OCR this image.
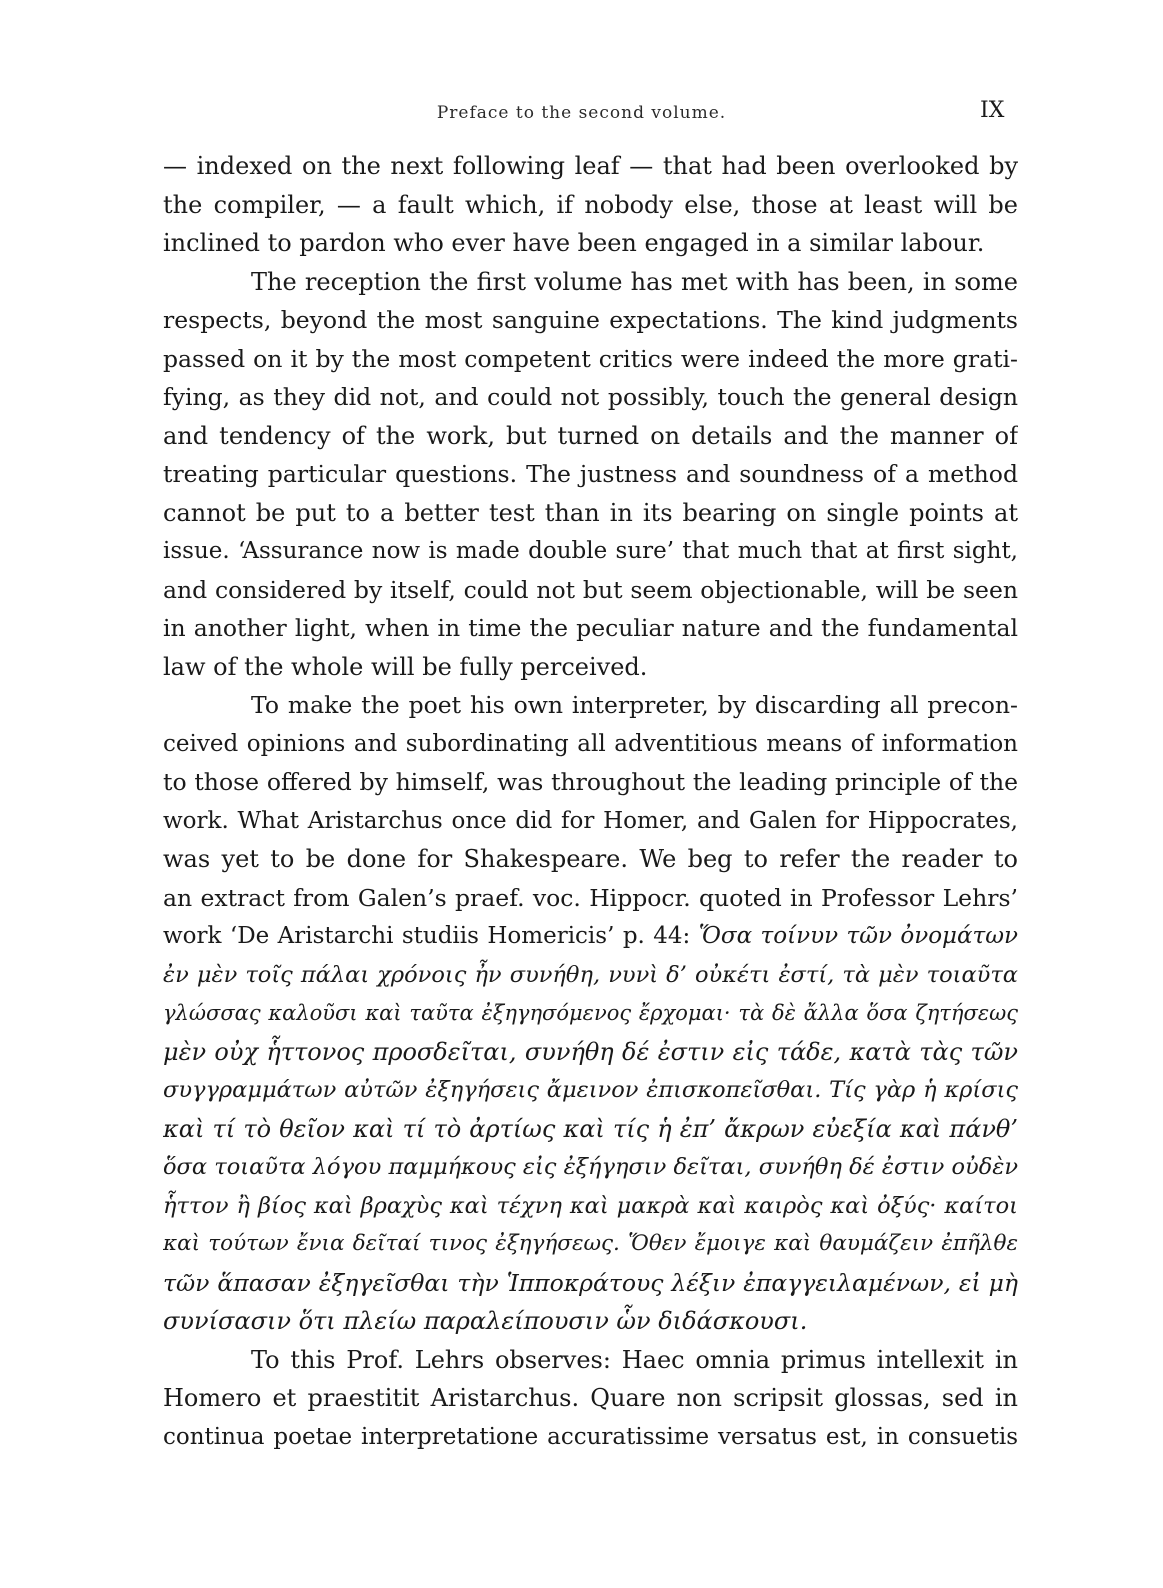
Preface to the second volume.	IX
— indexed on the next following leaf — that had been overlooked by
the compiler, — a fault which, if nobody else, those at least will be
inclined to pardon who ever have been engaged in a similar labour.
The reception the first volume has met with has been, in some
respects, beyond the most sanguine expectations. The kind judgments
passed on it by the most competent critics were indeed the more grati-
fying, as they did not, and could not possibly, touch the general design
and tendency of the work, but turned on details and the manner of
treating particular questions. The justness and soundness of a method
cannot be put to a better test than in its bearing on single points at
issue. ‘Assurance now is made double sure’ that much that at first sight,
and considered by itself, could not but seem objectionable, will be seen
in another light, when in time the peculiar nature and the fundamental
law of the whole will be fully perceived.
To make the poet his own interpreter, by discarding all precon-
ceived opinions and subordinating all adventitious means of information
to those offered by himself, was throughout the leading principle of the
work. What Aristarchus once did for Homer, and Galen for Hippocrates,
was yet to be done for Shakespeare. We beg to refer the reader to
an extract from Galen’s praef. voc. Hippocr. quoted in Professor Lehrs’
work ‘De Aristarchi studiis Homericis’ p. 44: Ὅσα τοίνυν τῶν ὀνομάτων
ἐν μὲν τοῖς πάλαι χρόνοις ἦν συνήθη, νυνὶ δ’ οὐκέτι ἐστί, τὰ μὲν τοιαῦτα
γλώσσας καλοῦσι καὶ ταῦτα ἐξηγησόμενος ἔρχομαι· τὰ δὲ ἄλλα ὅσα ζητήσεως
μὲν οὐχ ἧττονος προσδεῖται, συνήθη δέ ἐστιν εἰς τάδε, κατὰ τὰς τῶν
συγγραμμάτων αὐτῶν ἐξηγήσεις ἄμεινον ἐπισκοπεῖσθαι. Τίς γὰρ ἡ κρίσις
καὶ τί τὸ θεῖον καὶ τί τὸ ἀρτίως καὶ τίς ἡ ἐπ’ ἄκρων εὐεξία καὶ πάνθ’
ὅσα τοιαῦτα λόγου παμμήκους εἰς ἐξήγησιν δεῖται, συνήθη δέ ἐστιν οὐδὲν
ἧττον ἢ βίος καὶ βραχὺς καὶ τέχνη καὶ μακρὰ καὶ καιρὸς καὶ ὀξύς· καίτοι
καὶ τούτων ἔνια δεῖταί τινος ἐξηγήσεως. Ὅθεν ἔμοιγε καὶ θαυμάζειν ἐπῆλθε
τῶν ἅπασαν ἐξηγεῖσθαι τὴν Ἱπποκράτους λέξιν ἐπαγγειλαμένων, εἰ μὴ
συνίσασιν ὅτι πλείω παραλείπουσιν ὧν διδάσκουσι.
To this Prof. Lehrs observes: Haec omnia primus intellexit in
Homero et praestitit Aristarchus. Quare non scripsit glossas, sed in
continua poetae interpretatione accuratissime versatus est, in consuetis
